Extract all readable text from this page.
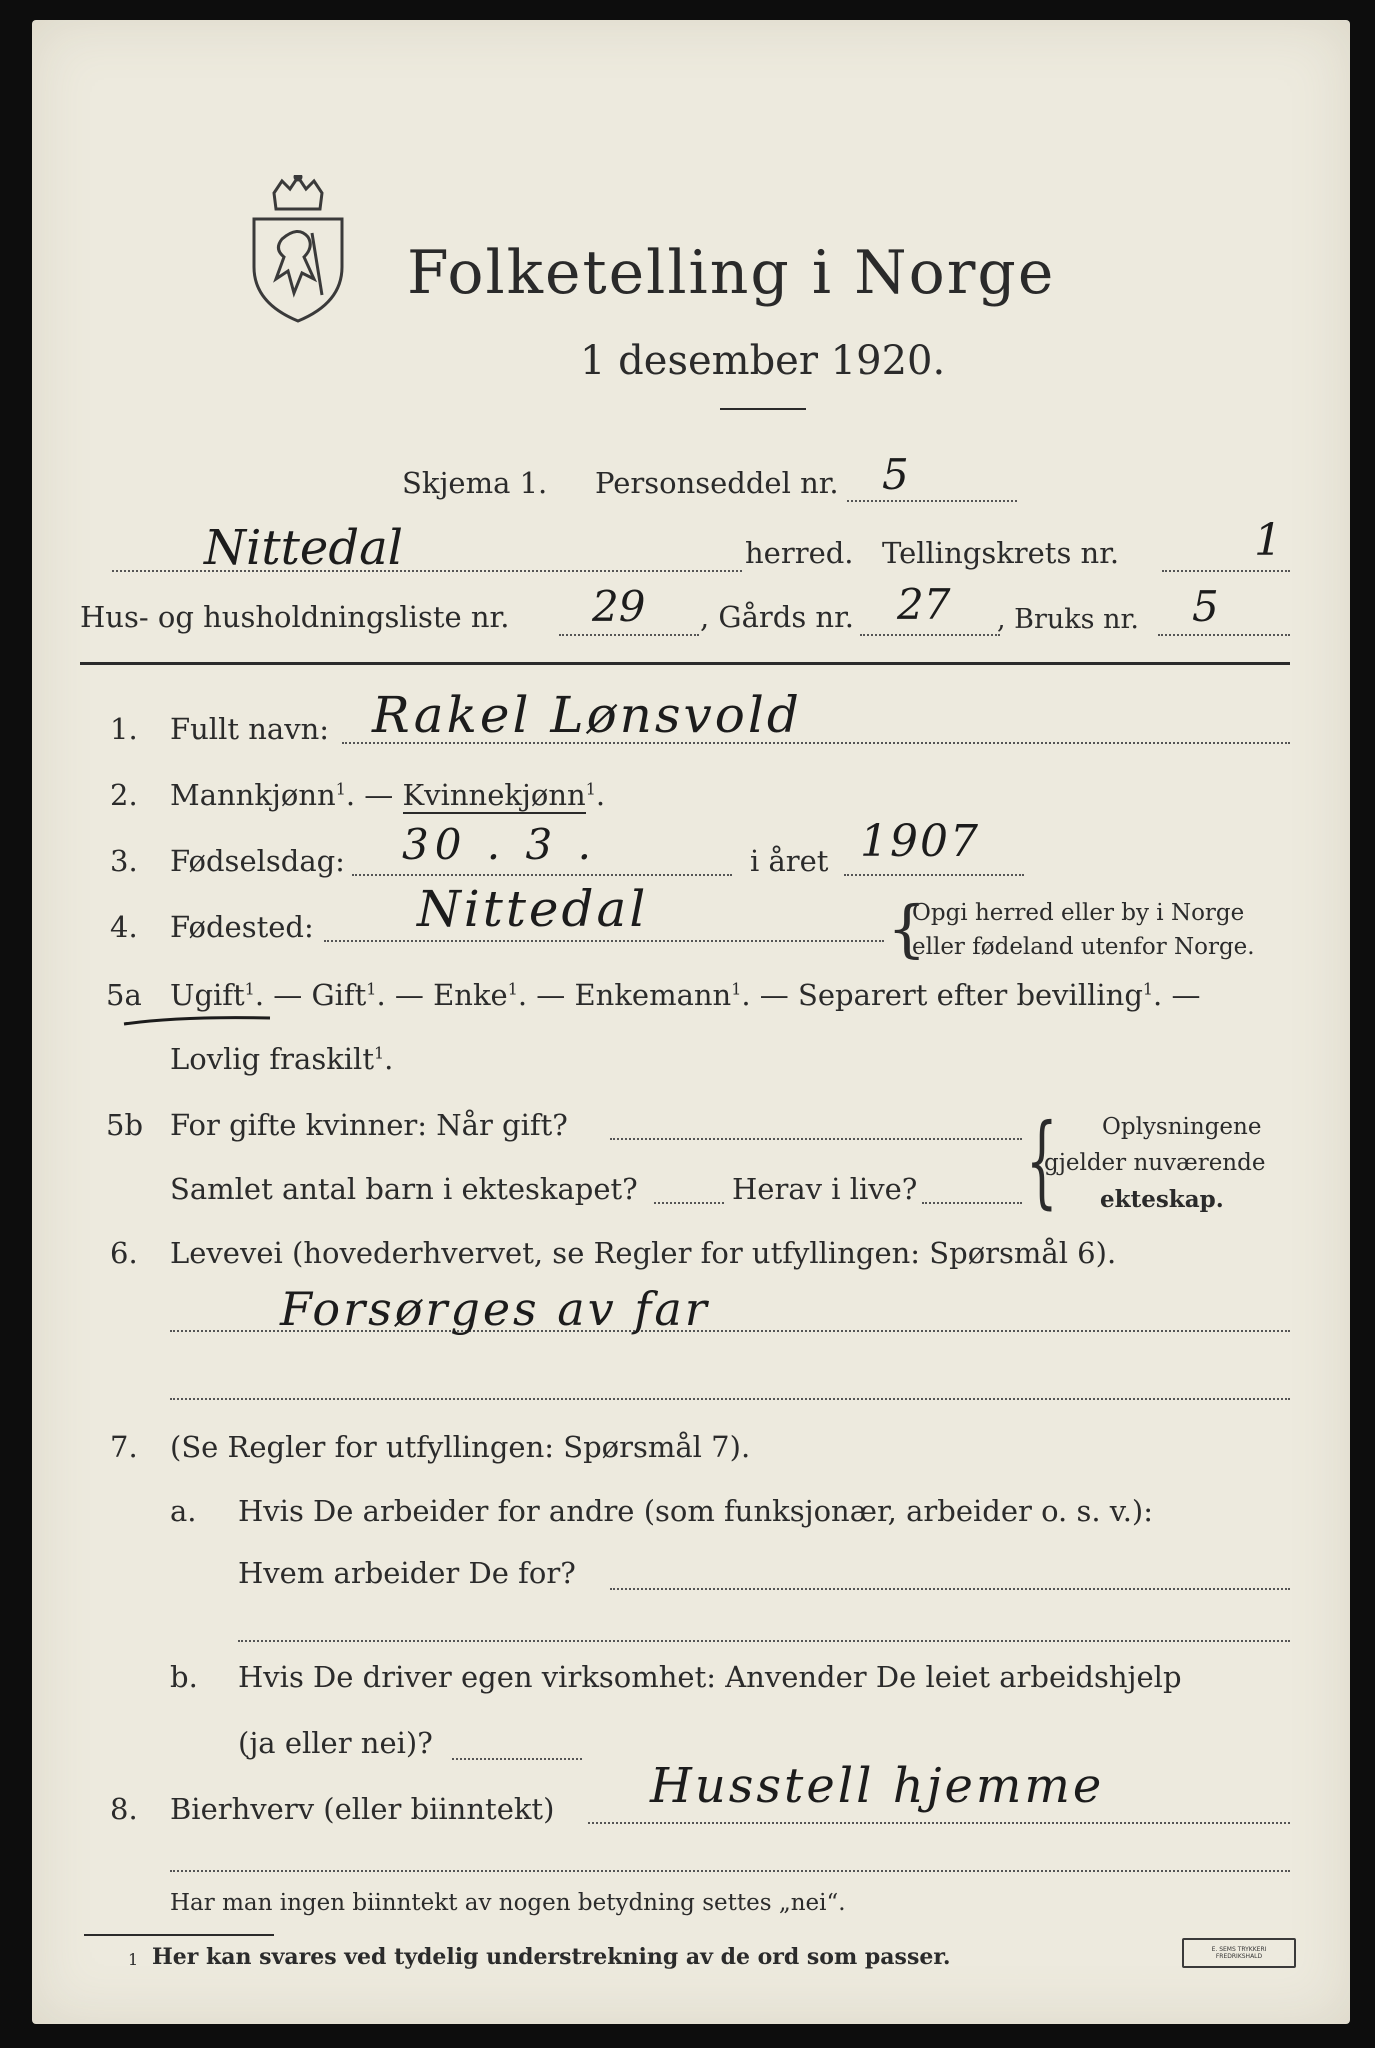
Folketelling i Norge
1 desember 1920.
Skjema 1. Personseddel nr. 5
Nittedal	herred. Tellingskrets nr.	1
Hus- og husholdningsliste nr. 29 , Gårds nr. 27 , Bruks nr. 5
1. Fullt navn: Rakel Lønsvold
2. Mannkjønn$^1$. — Kvinnekjønn$^1$.
3. Fødselsdag: 30 . 3 .	i året 1907
4. Fødested: Nittedal	{
Opgi herred eller by i Norge
eller fødeland utenfor Norge.
5a Ugift$^1$. — Gift$^1$. — Enke$^1$. — Enkemann$^1$. — Separert efter bevilling$^1$. —
Lovlig fraskilt$^1$.
5b For gifte kvinner: Når gift?
Samlet antal barn i ekteskapet?	Herav i live? { Oplysningene
gjelder nuværende
ekteskap.
6. Levevei (hovederhvervet, se Regler for utfyllingen: Spørsmål 6).
Forsørges av far
7. (Se Regler for utfyllingen: Spørsmål 7).
a. Hvis De arbeider for andre (som funksjonær, arbeider o. s. v.):
Hvem arbeider De for?
b. Hvis De driver egen virksomhet: Anvender De leiet arbeidshjelp
(ja eller nei)?
8. Bierhverv (eller biinntekt) Husstell hjemme
Har man ingen biinntekt av nogen betydning settes „nei“.
1 Her kan svares ved tydelig understrekning av de ord som passer.	E. SEMS TRYKKERI FREDRIKSHALD
